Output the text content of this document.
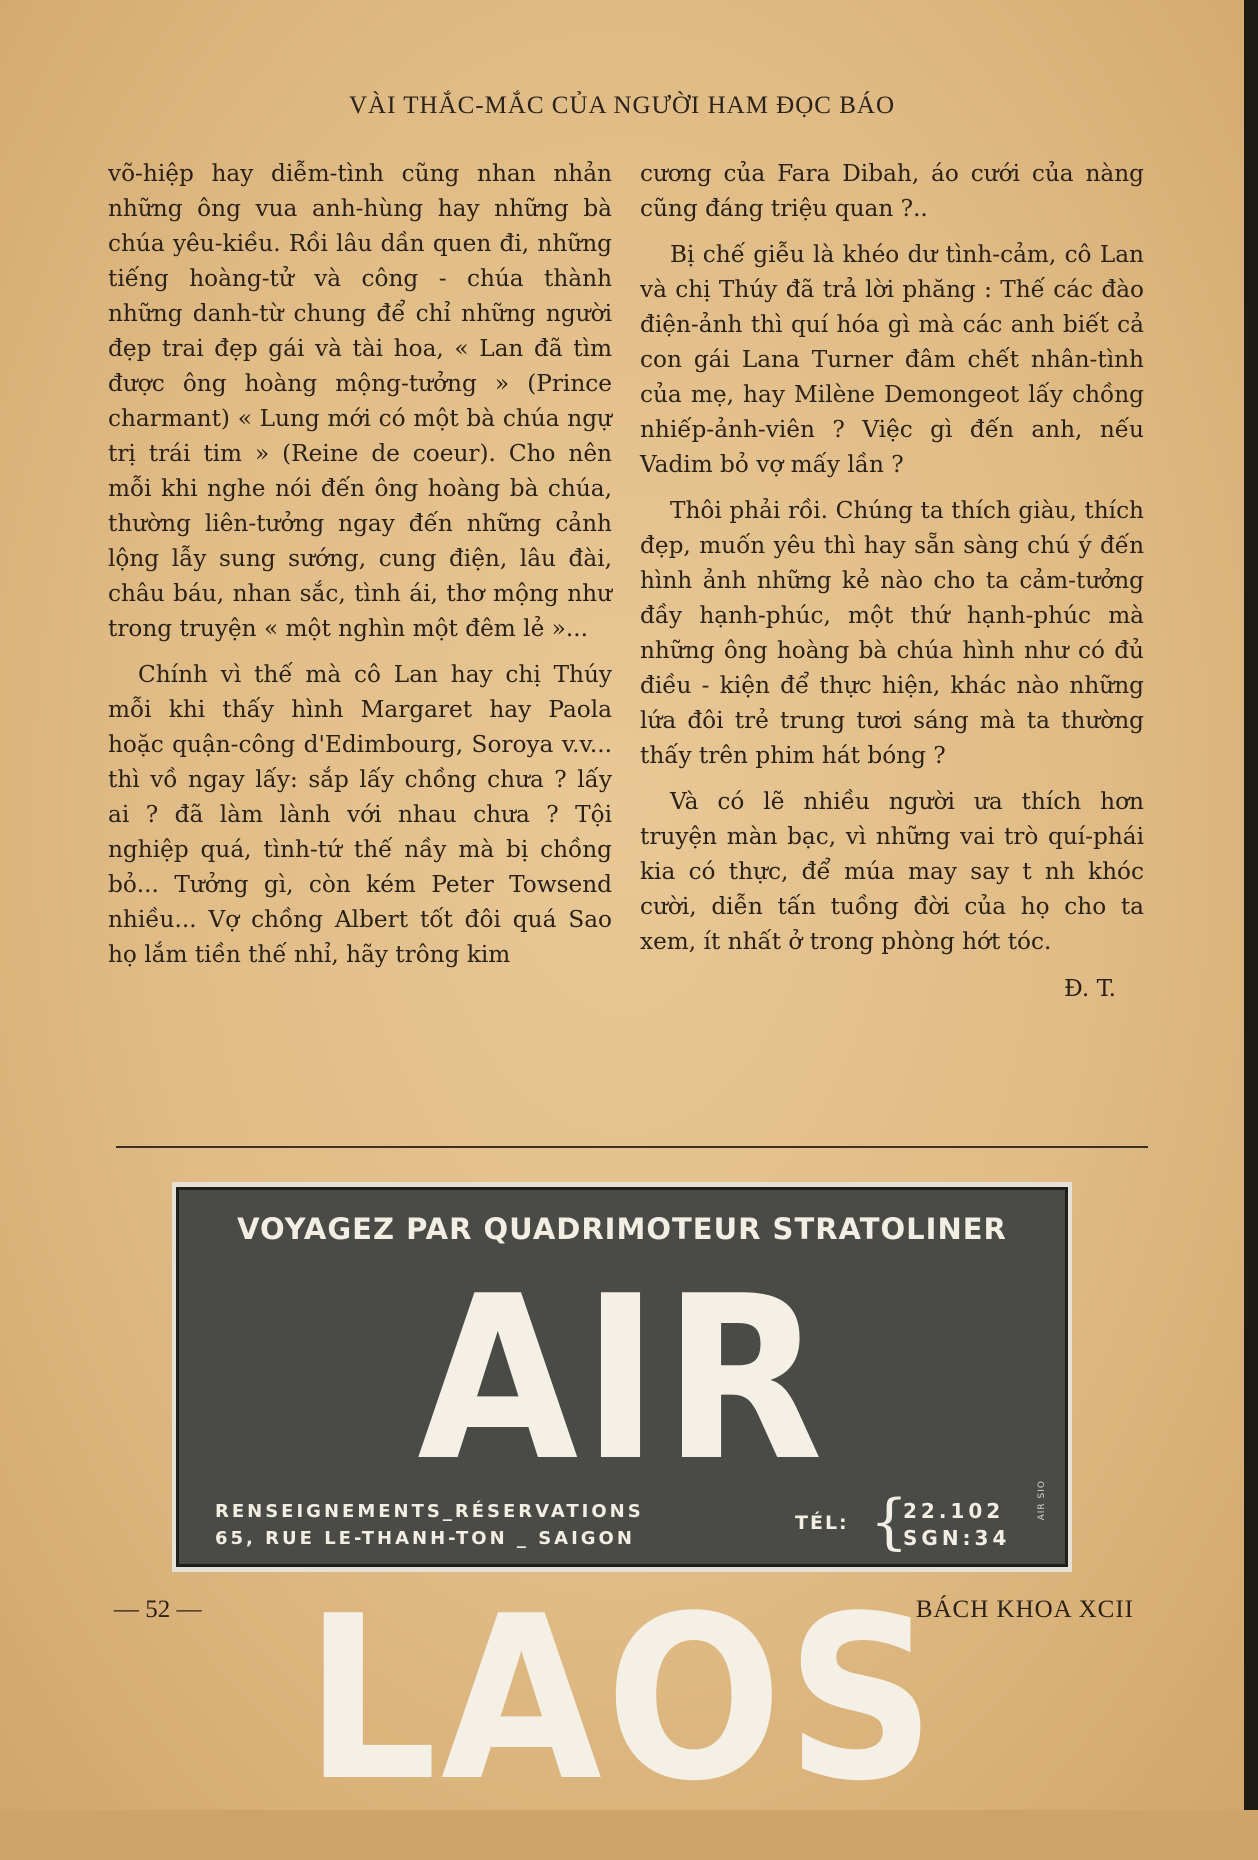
VÀI THẮC-MẮC CỦA NGƯỜI HAM ĐỌC BÁO

võ-hiệp hay diễm-tình cũng nhan nhản những ông vua anh-hùng hay những bà chúa yêu-kiều. Rồi lâu dần quen đi, những tiếng hoàng-tử và công - chúa thành những danh-từ chung để chỉ những người đẹp trai đẹp gái và tài hoa, « Lan đã tìm được ông hoàng mộng-tưởng » (Prince charmant) « Lung mới có một bà chúa ngự trị trái tim » (Reine de coeur). Cho nên mỗi khi nghe nói đến ông hoàng bà chúa, thường liên-tưởng ngay đến những cảnh lộng lẫy sung sướng, cung điện, lâu đài, châu báu, nhan sắc, tình ái, thơ mộng như trong truyện « một nghìn một đêm lẻ »...

Chính vì thế mà cô Lan hay chị Thúy mỗi khi thấy hình Margaret hay Paola hoặc quận-công d'Edimbourg, Soroya v.v... thì vồ ngay lấy: sắp lấy chồng chưa ? lấy ai ? đã làm lành với nhau chưa ? Tội nghiệp quá, tình-tứ thế nầy mà bị chồng bỏ... Tưởng gì, còn kém Peter Towsend nhiều... Vợ chồng Albert tốt đôi quá Sao họ lắm tiền thế nhỉ, hãy trông kim

cương của Fara Dibah, áo cưới của nàng cũng đáng triệu quan ?..

Bị chế giễu là khéo dư tình-cảm, cô Lan và chị Thúy đã trả lời phăng : Thế các đào điện-ảnh thì quí hóa gì mà các anh biết cả con gái Lana Turner đâm chết nhân-tình của mẹ, hay Milène Demongeot lấy chồng nhiếp-ảnh-viên ? Việc gì đến anh, nếu Vadim bỏ vợ mấy lần ?

Thôi phải rồi. Chúng ta thích giàu, thích đẹp, muốn yêu thì hay sẵn sàng chú ý đến hình ảnh những kẻ nào cho ta cảm-tưởng đầy hạnh-phúc, một thứ hạnh-phúc mà những ông hoàng bà chúa hình như có đủ điều - kiện để thực hiện, khác nào những lứa đôi trẻ trung tươi sáng mà ta thường thấy trên phim hát bóng ?

Và có lẽ nhiều người ưa thích hơn truyện màn bạc, vì những vai trò quí-phái kia có thực, để múa may say t nh khóc cười, diễn tấn tuồng đời của họ cho ta xem, ít nhất ở trong phòng hớt tóc.

Đ. T.
VOYAGEZ PAR QUADRIMOTEUR STRATOLINER
AIR LAOS
RENSEIGNEMENTS_RÉSERVATIONS
65, RUE LE-THANH-TON _ SAIGON
TÉL: {
22.102
SGN:34
AIR SIO
— 52 —	BÁCH KHOA XCII
